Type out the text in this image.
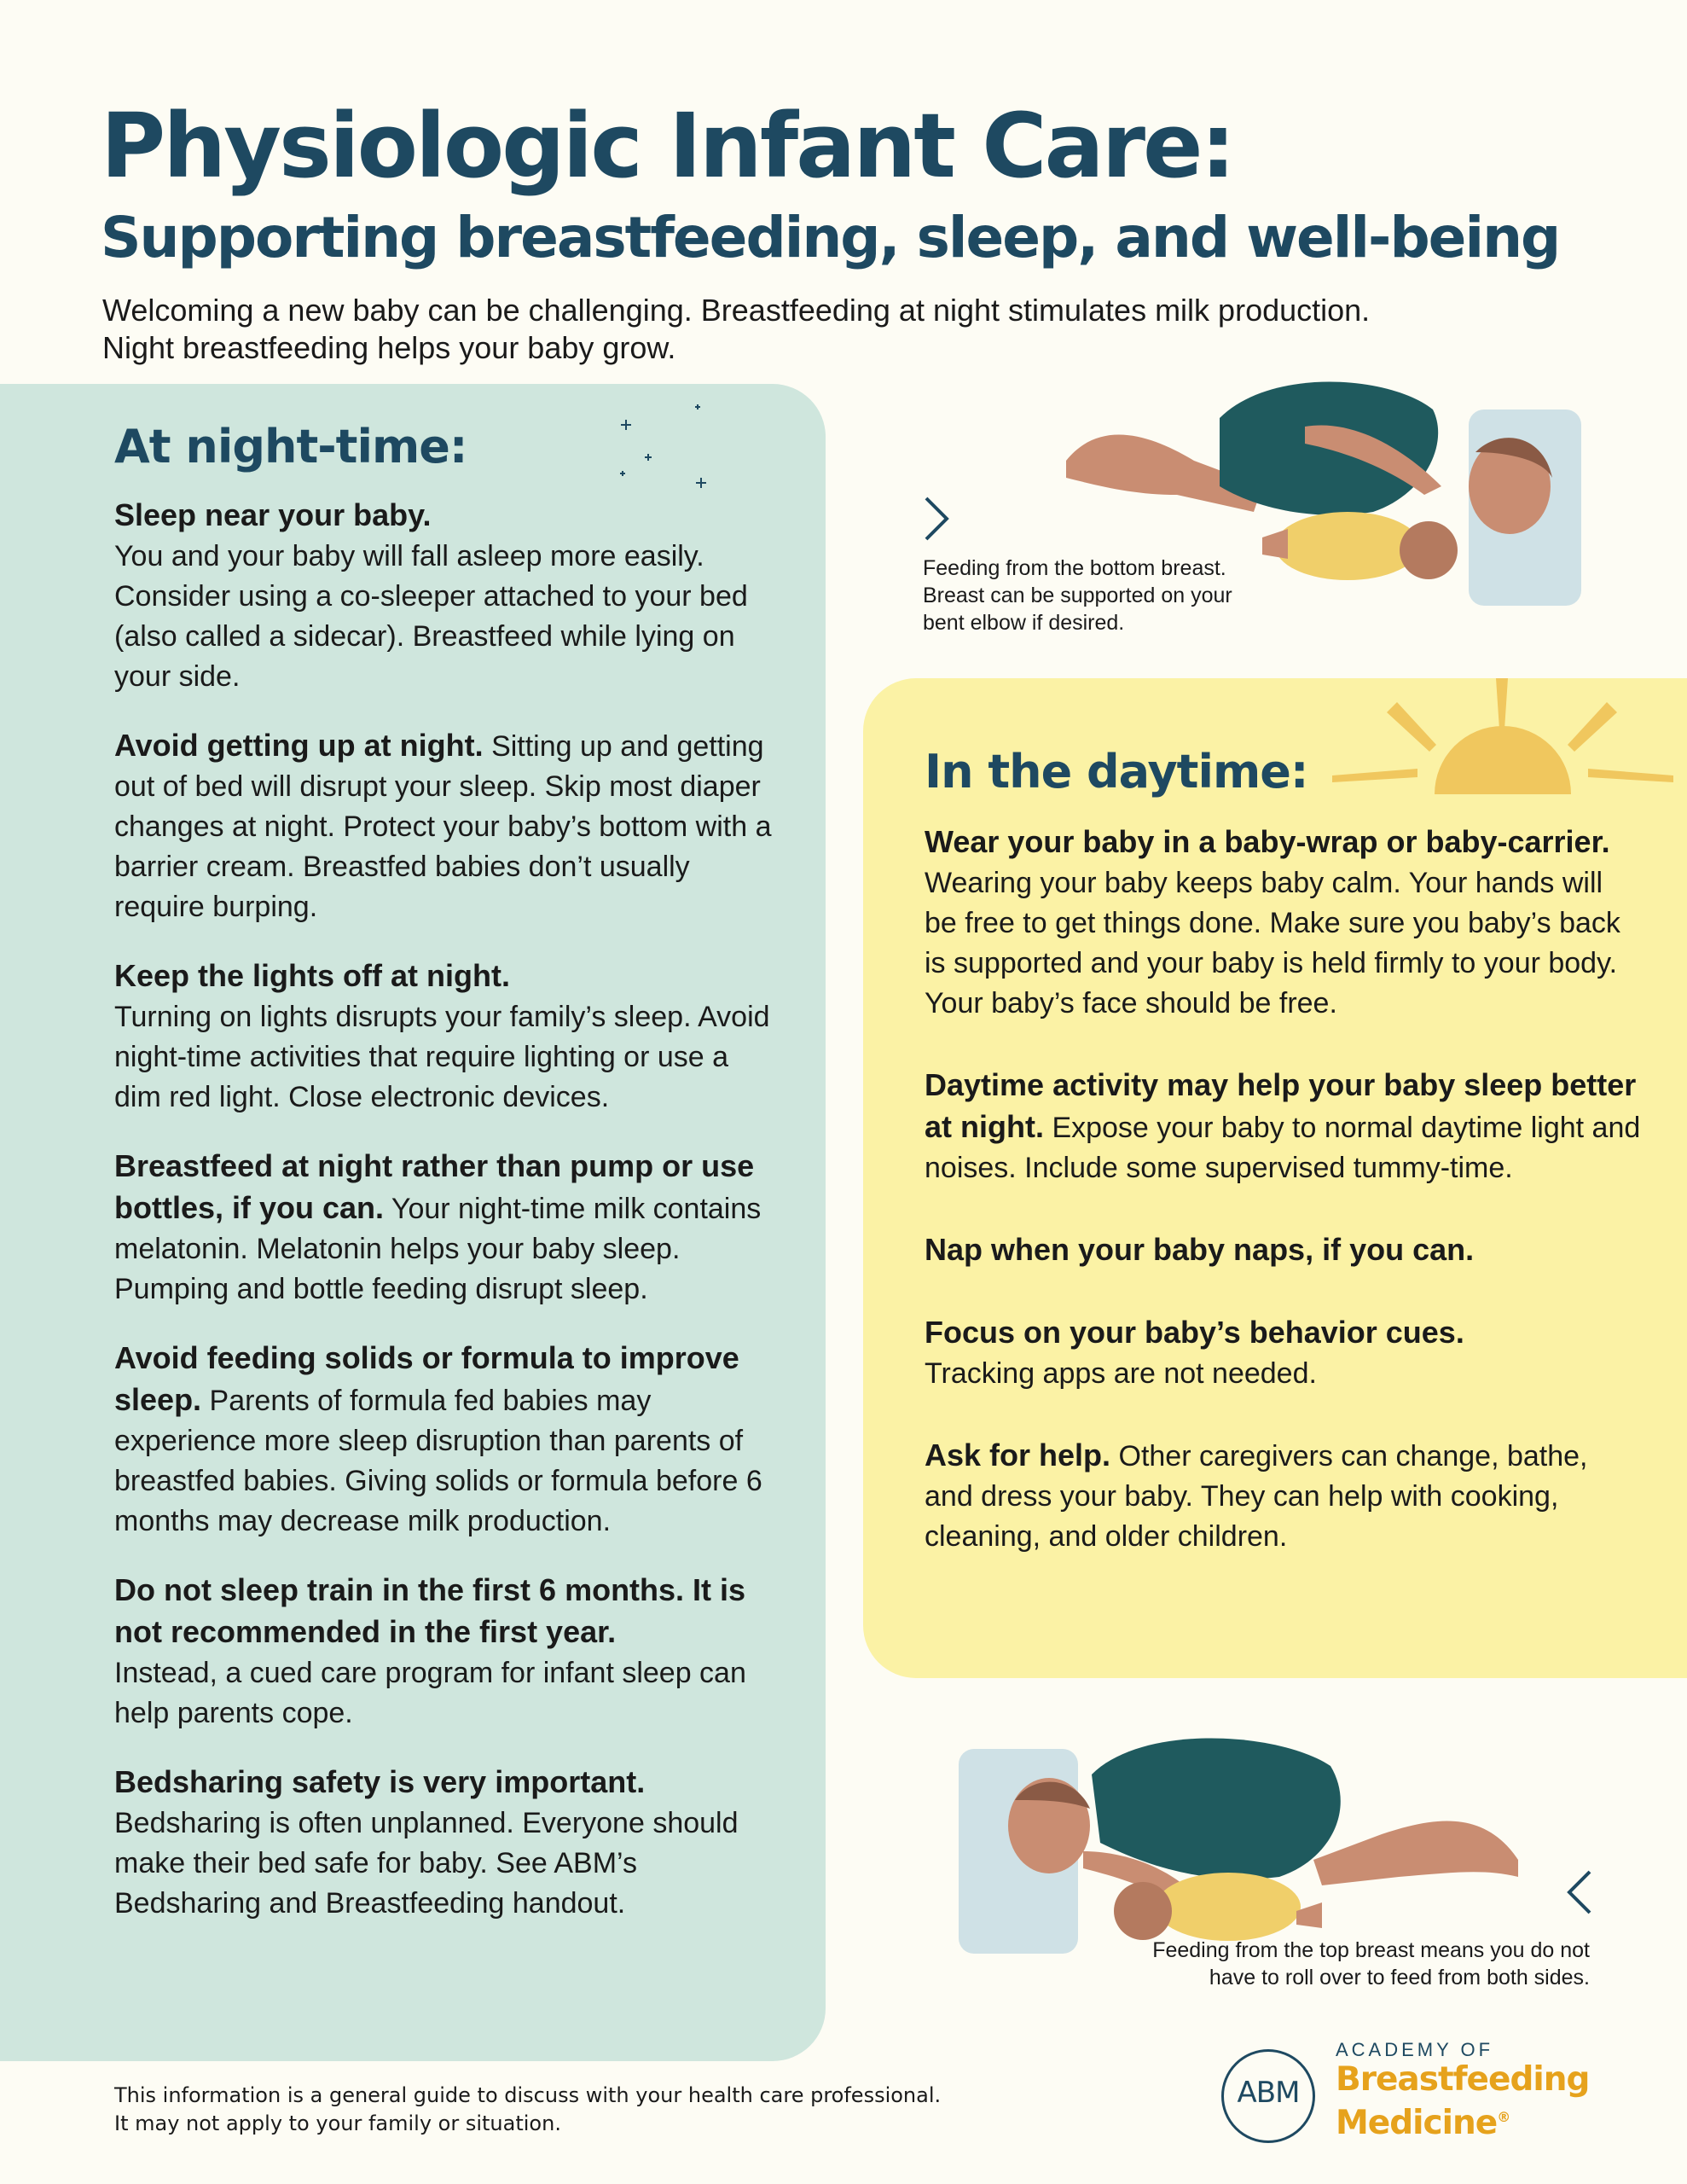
Physiologic Infant Care:
Supporting breastfeeding, sleep, and well-being

Welcoming a new baby can be challenging. Breastfeeding at night stimulates milk production.

Night breastfeeding helps your baby grow.

At night-time:

Sleep near your baby.
You and your baby will fall asleep more easily. Consider using a co-sleeper attached to your bed (also called a sidecar). Breastfeed while lying on your side.

Avoid getting up at night. Sitting up and getting out of bed will disrupt your sleep. Skip most diaper changes at night. Protect your baby’s bottom with a barrier cream. Breastfed babies don’t usually require burping.

Keep the lights off at night.
Turning on lights disrupts your family’s sleep. Avoid night-time activities that require lighting or use a dim red light. Close electronic devices.

Breastfeed at night rather than pump or use bottles, if you can. Your night-time milk contains melatonin. Melatonin helps your baby sleep. Pumping and bottle feeding disrupt sleep.

Avoid feeding solids or formula to improve sleep. Parents of formula fed babies may experience more sleep disruption than parents of breastfed babies. Giving solids or formula before 6 months may decrease milk production.

Do not sleep train in the first 6 months. It is not recommended in the first year.
Instead, a cued care program for infant sleep can help parents cope.

Bedsharing safety is very important.
Bedsharing is often unplanned. Everyone should make their bed safe for baby. See ABM’s Bedsharing and Breastfeeding handout.

Feeding from the bottom breast.

Breast can be supported on your

bent elbow if desired.

In the daytime:

Wear your baby in a baby-wrap or baby-carrier. Wearing your baby keeps baby calm. Your hands will be free to get things done. Make sure you baby’s back is supported and your baby is held firmly to your body. Your baby’s face should be free.

Daytime activity may help your baby sleep better at night. Expose your baby to normal daytime light and noises. Include some supervised tummy-time.

Nap when your baby naps, if you can.

Focus on your baby’s behavior cues.
Tracking apps are not needed.

Ask for help. Other caregivers can change, bathe, and dress your baby. They can help with cooking, cleaning, and older children.

Feeding from the top breast means you do not

have to roll over to feed from both sides.

This information is a general guide to discuss with your health care professional.

It may not apply to your family or situation.

ABM
ACADEMY OF
Breastfeeding
Medicine®
